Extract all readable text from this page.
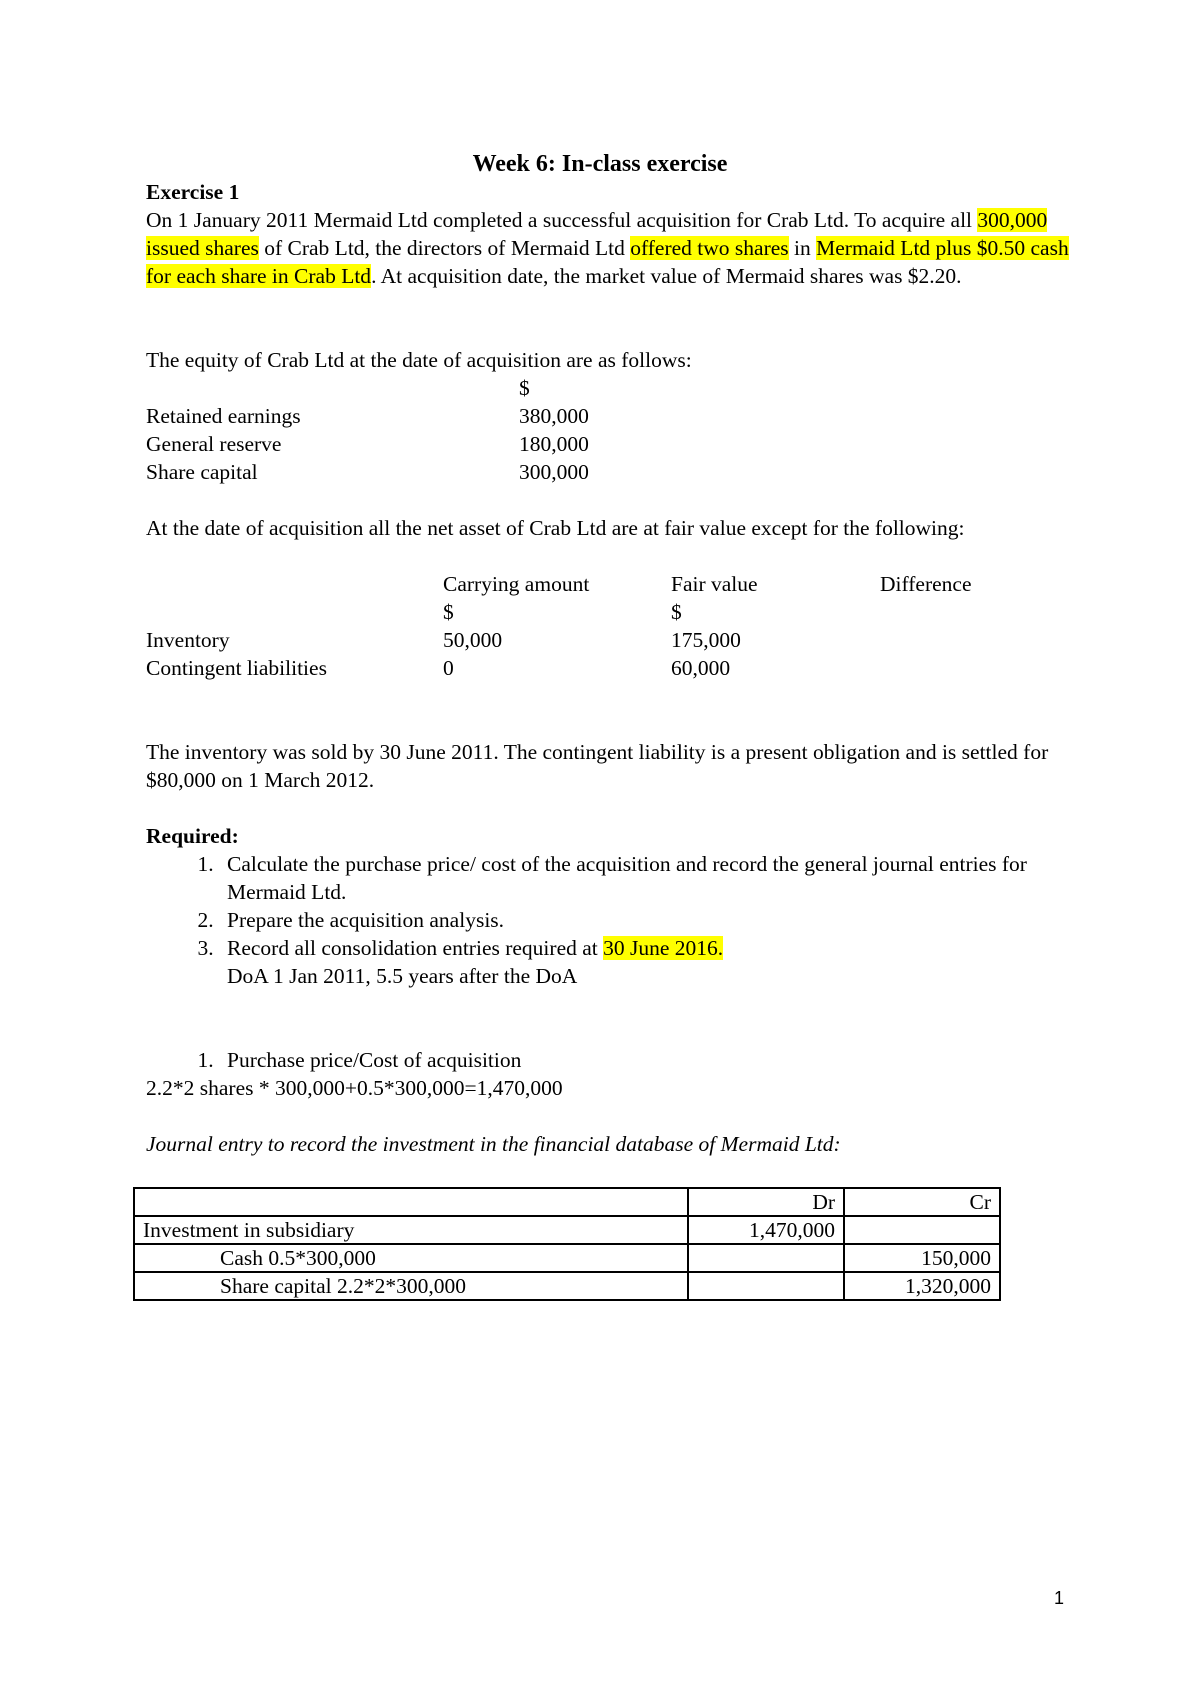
Week 6: In-class exercise

Exercise 1

On 1 January 2011 Mermaid Ltd completed a successful acquisition for Crab Ltd. To acquire all 300,000 issued shares of Crab Ltd, the directors of Mermaid Ltd offered two shares in Mermaid Ltd plus $0.50 cash for each share in Crab Ltd. At acquisition date, the market value of Mermaid shares was $2.20.

The equity of Crab Ltd at the date of acquisition are as follows:

	$
Retained earnings	380,000
General reserve	180,000
Share capital	300,000

At the date of acquisition all the net asset of Crab Ltd are at fair value except for the following:

	Carrying amount	Fair value	Difference
	$	$	
Inventory	50,000	175,000	
Contingent liabilities	0	60,000	

The inventory was sold by 30 June 2011. The contingent liability is a present obligation and is settled for $80,000 on 1 March 2012.

Required:

1. Calculate the purchase price/ cost of the acquisition and record the general journal entries for Mermaid Ltd.
2. Prepare the acquisition analysis.
3. Record all consolidation entries required at 30 June 2016.
DoA 1 Jan 2011, 5.5 years after the DoA
1. Purchase price/Cost of acquisition

2.2*2 shares * 300,000+0.5*300,000=1,470,000

Journal entry to record the investment in the financial database of Mermaid Ltd:

	Dr	Cr
Investment in subsidiary	1,470,000	
Cash 0.5*300,000		150,000
Share capital 2.2*2*300,000		1,320,000
1
